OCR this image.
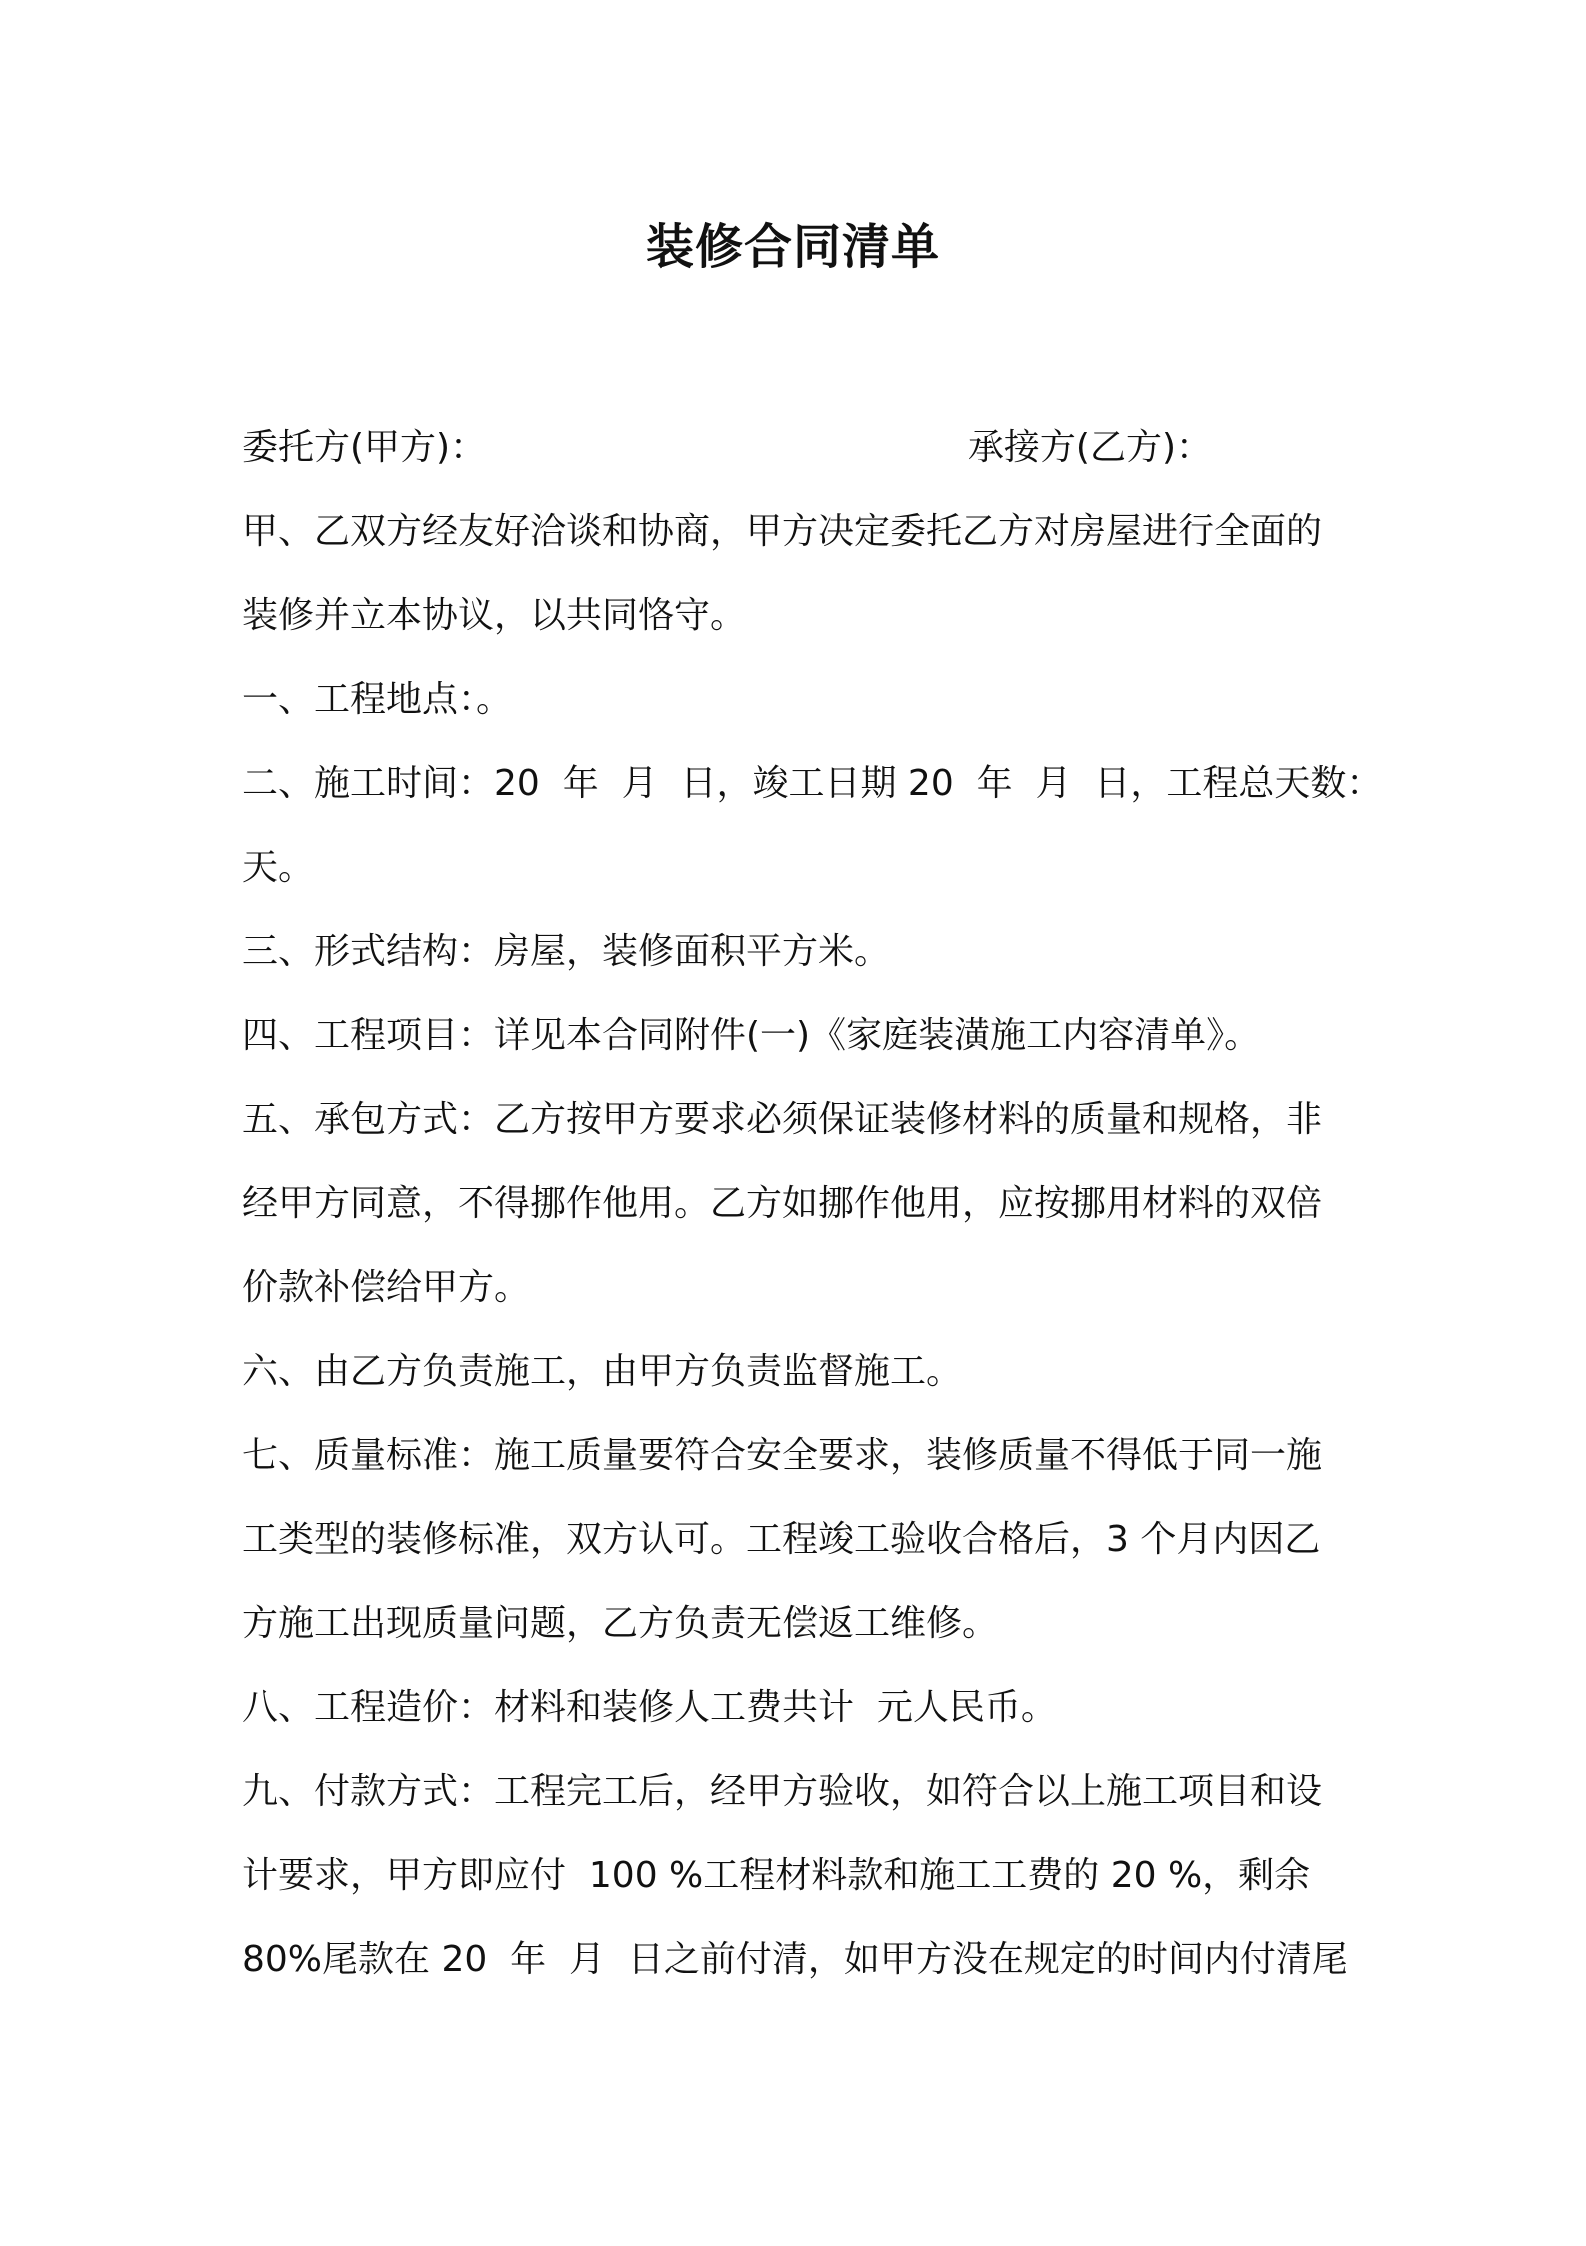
装修合同清单
委托方(甲方)：	承接方(乙方)：
甲、乙双方经友好洽谈和协商，甲方决定委托乙方对房屋进行全面的
装修并立本协议，以共同恪守。
一、工程地点：。
二、施工时间：20  年  月  日，竣工日期 20  年  月  日，工程总天数：
天。
三、形式结构：房屋，装修面积平方米。
四、工程项目：详见本合同附件(一)《家庭装潢施工内容清单》。
五、承包方式：乙方按甲方要求必须保证装修材料的质量和规格，非
经甲方同意，不得挪作他用。乙方如挪作他用，应按挪用材料的双倍
价款补偿给甲方。
六、由乙方负责施工，由甲方负责监督施工。
七、质量标准：施工质量要符合安全要求，装修质量不得低于同一施
工类型的装修标准，双方认可。工程竣工验收合格后，3 个月内因乙
方施工出现质量问题，乙方负责无偿返工维修。
八、工程造价：材料和装修人工费共计  元人民币。
九、付款方式：工程完工后，经甲方验收，如符合以上施工项目和设
计要求，甲方即应付  100 %工程材料款和施工工费的 20 %，剩余
80%尾款在 20  年  月  日之前付清，如甲方没在规定的时间内付清尾
